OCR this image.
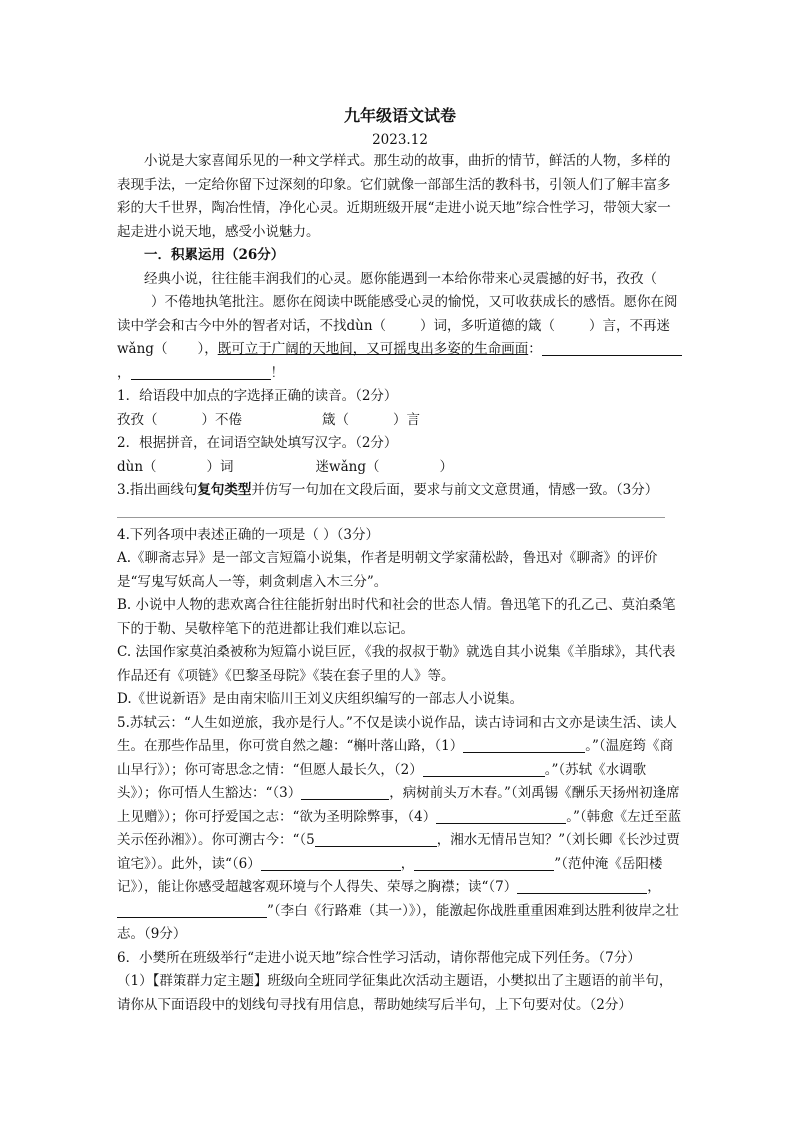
九年级语文试卷
2023.12

小说是大家喜闻乐见的一种文学样式。那生动的故事，曲折的情节，鲜活的人物，多样的表现手法，一定给你留下过深刻的印象。它们就像一部部生活的教科书，引领人们了解丰富多彩的大千世界，陶冶性情，净化心灵。近期班级开展“走进小说天地”综合性学习，带领大家一起走进小说天地，感受小说魅力。

一．积累运用（26分）

经典小说，往往能丰润我们的心灵。愿你能遇到一本给你带来心灵震撼的好书，孜孜（）不倦地执笔批注。愿你在阅读中既能感受心灵的愉悦，又可收获成长的感悟。愿你在阅读中学会和古今中外的智者对话，不找dùn（	）词，多听道德的箴（	）言，不再迷wǎng（ ），既可立于广阔的天地间，又可摇曳出多姿的生命画面：，	！

1．给语段中加点的字选择正确的读音。（2分）

孜孜（	）不倦	箴（	）言

2．根据拼音，在词语空缺处填写汉字。（2分）

dùn（	）词	迷wǎng（	）

3.指出画线句复句类型并仿写一句加在文段后面，要求与前文文意贯通，情感一致。（3分）

4.下列各项中表述正确的一项是（ ）（3分）

A.《聊斋志异》是一部文言短篇小说集，作者是明朝文学家蒲松龄，鲁迅对《聊斋》的评价是“写鬼写妖高人一等，刺贪刺虐入木三分”。

B. 小说中人物的悲欢离合往往能折射出时代和社会的世态人情。鲁迅笔下的孔乙己、莫泊桑笔下的于勒、吴敬梓笔下的范进都让我们难以忘记。

C. 法国作家莫泊桑被称为短篇小说巨匠，《我的叔叔于勒》就选自其小说集《羊脂球》，其代表作品还有《项链》《巴黎圣母院》《装在套子里的人》等。

D.《世说新语》是由南宋临川王刘义庆组织编写的一部志人小说集。

5.苏轼云：“人生如逆旅，我亦是行人。”不仅是读小说作品，读古诗词和古文亦是读生活、读人生。在那些作品里，你可赏自然之趣：“槲叶落山路，（1）	。”（温庭筠《商山早行》）；你可寄思念之情：“但愿人最长久，（2）	。”（苏轼《水调歌头》）；你可悟人生豁达：“（3）	，病树前头万木春。”（刘禹锡《酬乐天扬州初逢席上见赠》）；你可抒爱国之志：“欲为圣明除弊事，（4）	。”（韩愈《左迁至蓝关示侄孙湘》）。你可溯古今：“（5	，湘水无情吊岂知？”（刘长卿《长沙过贾谊宅》）。此外，读“（6）	，	”（范仲淹《岳阳楼记》），能让你感受超越客观环境与个人得失、荣辱之胸襟；读“（7）	，”（李白《行路难（其一）》），能激起你战胜重重困难到达胜利彼岸之壮志。（9分）

6．小樊所在班级举行“走进小说天地”综合性学习活动，请你帮他完成下列任务。（7分）

（1）【群策群力定主题】班级向全班同学征集此次活动主题语，小樊拟出了主题语的前半句，请你从下面语段中的划线句寻找有用信息，帮助她续写后半句，上下句要对仗。（2分）
